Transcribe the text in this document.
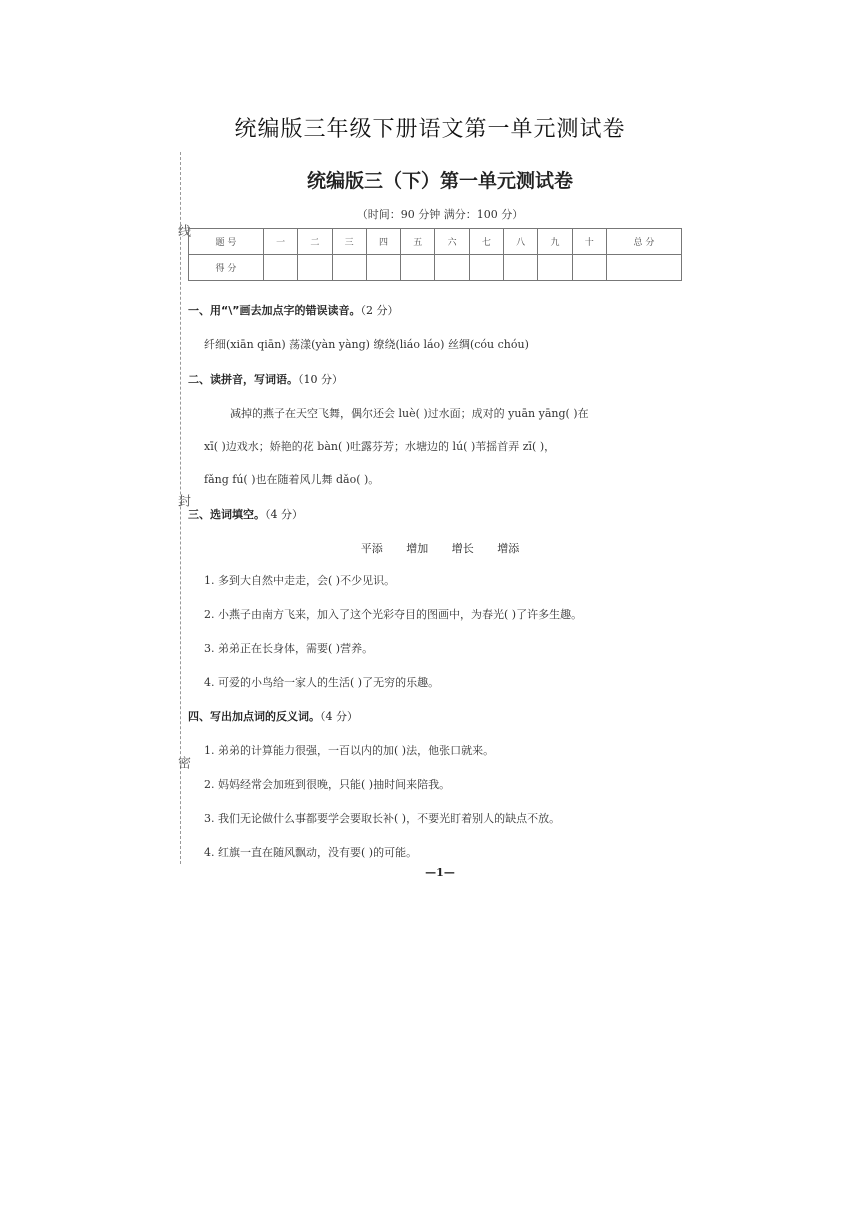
统编版三年级下册语文第一单元测试卷
线
封
密
统编版三（下）第一单元测试卷
（时间：90 分钟 满分：100 分）
题 号	一	二	三	四	五	六	七	八	九	十	总 分
得 分											
一、用“\”画去加点字的错误读音。（2 分）
纤细(xiān qiān) 荡漾(yàn yàng) 缭绕(liáo láo) 丝绸(cóu chóu)
二、读拼音，写词语。（10 分）
减掉的燕子在天空飞舞，偶尔还会 luè( )过水面；成对的 yuān yāng( )在
xī( )边戏水；娇艳的花 bàn( )吐露芬芳；水塘边的 lú( )苇摇首弄 zī( )，
fǎng fú( )也在随着风儿舞 dǎo( )。
三、选词填空。（4 分）
平添 增加 增长 增添
1. 多到大自然中走走，会( )不少见识。
2. 小燕子由南方飞来，加入了这个光彩夺目的图画中，为春光( )了许多生趣。
3. 弟弟正在长身体，需要( )营养。
4. 可爱的小鸟给一家人的生活( )了无穷的乐趣。
四、写出加点词的反义词。（4 分）
1. 弟弟的计算能力很强，一百以内的加( )法，他张口就来。
2. 妈妈经常会加班到很晚，只能( )抽时间来陪我。
3. 我们无论做什么事都要学会要取长补( )，不要光盯着别人的缺点不放。
4. 红旗一直在随风飘动，没有要( )的可能。
—1—
